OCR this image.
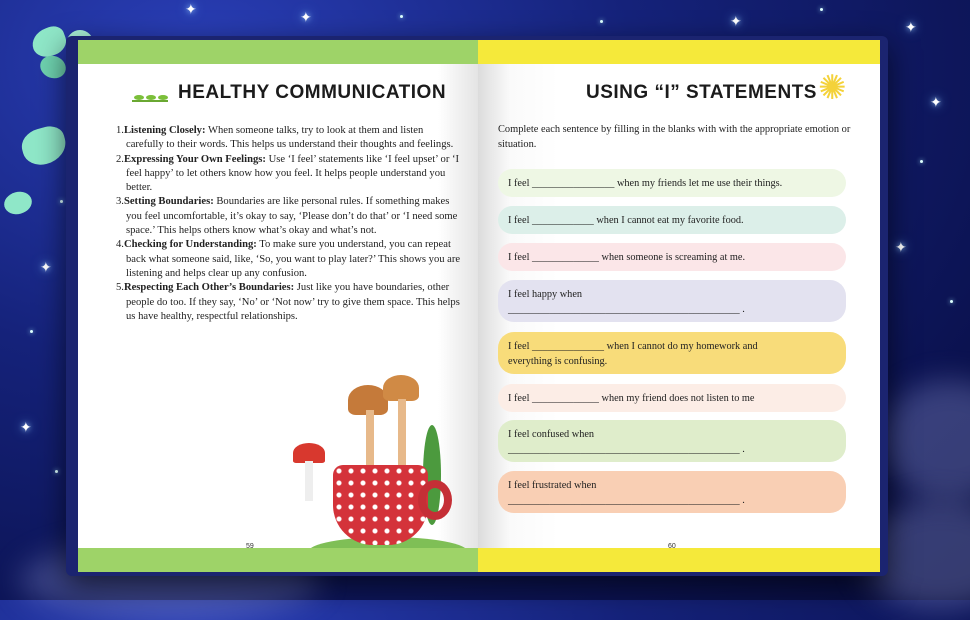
✦
✦	✦	✦
✦
✦
✦
✦
HEALTHY COMMUNICATION
1.Listening Closely: When someone talks, try to look at them and listen carefully to their words. This helps us understand their thoughts and feelings.
2.Expressing Your Own Feelings: Use ‘I feel’ statements like ‘I feel upset’ or ‘I feel happy’ to let others know how you feel. It helps people understand you better.
3.Setting Boundaries: Boundaries are like personal rules. If something makes you feel uncomfortable, it’s okay to say, ‘Please don’t do that’ or ‘I need some space.’ This helps others know what’s okay and what’s not.
4.Checking for Understanding: To make sure you understand, you can repeat back what someone said, like, ‘So, you want to play later?’ This shows you are listening and helps clear up any confusion.
5.Respecting Each Other’s Boundaries: Just like you have boundaries, other people do too. If they say, ‘No’ or ‘Not now’ try to give them space. This helps us have healthy, respectful relationships.
59
USING “I” STATEMENTS ✺
Complete each sentence by filling in the blanks with with the appropriate emotion or situation.
I feel ________________ when my friends let me use their things.
I feel ____________ when I cannot eat my favorite food.
I feel _____________ when someone is screaming at me.
I feel happy when
_____________________________________________ .
I feel ______________ when I cannot do my homework and
everything is confusing.
I feel _____________ when my friend does not listen to me
I feel confused when
_____________________________________________ .
I feel frustrated when
_____________________________________________ .
60
